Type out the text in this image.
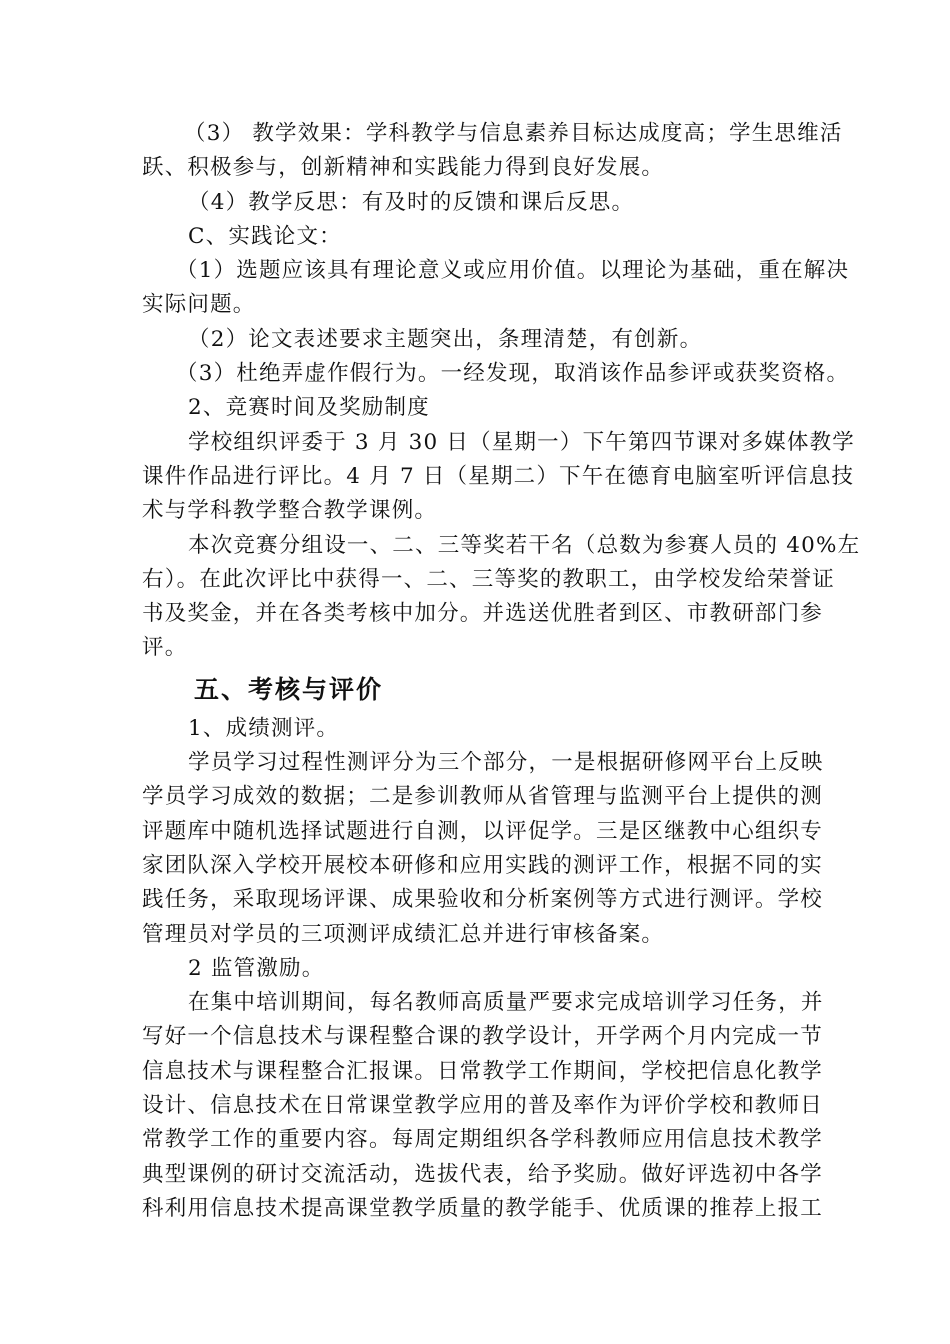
（3） 教学效果：学科教学与信息素养目标达成度高；学生思维活
跃、积极参与，创新精神和实践能力得到良好发展。
（4）教学反思：有及时的反馈和课后反思。
C、实践论文：
（1）选题应该具有理论意义或应用价值。以理论为基础，重在解决
实际问题。
（2）论文表述要求主题突出，条理清楚，有创新。
（3）杜绝弄虚作假行为。一经发现，取消该作品参评或获奖资格。
2、竞赛时间及奖励制度
学校组织评委于 3 月 30 日（星期一）下午第四节课对多媒体教学
课件作品进行评比。4 月 7 日（星期二）下午在德育电脑室听评信息技
术与学科教学整合教学课例。
本次竞赛分组设一、二、三等奖若干名（总数为参赛人员的 40%左
右）。在此次评比中获得一、二、三等奖的教职工，由学校发给荣誉证
书及奖金，并在各类考核中加分。并选送优胜者到区、市教研部门参
评。
五、考核与评价
1、成绩测评。
学员学习过程性测评分为三个部分，一是根据研修网平台上反映
学员学习成效的数据；二是参训教师从省管理与监测平台上提供的测
评题库中随机选择试题进行自测，以评促学。三是区继教中心组织专
家团队深入学校开展校本研修和应用实践的测评工作，根据不同的实
践任务，采取现场评课、成果验收和分析案例等方式进行测评。学校
管理员对学员的三项测评成绩汇总并进行审核备案。
2 监管激励。
在集中培训期间，每名教师高质量严要求完成培训学习任务，并
写好一个信息技术与课程整合课的教学设计，开学两个月内完成一节
信息技术与课程整合汇报课。日常教学工作期间，学校把信息化教学
设计、信息技术在日常课堂教学应用的普及率作为评价学校和教师日
常教学工作的重要内容。每周定期组织各学科教师应用信息技术教学
典型课例的研讨交流活动，选拔代表，给予奖励。做好评选初中各学
科利用信息技术提高课堂教学质量的教学能手、优质课的推荐上报工
